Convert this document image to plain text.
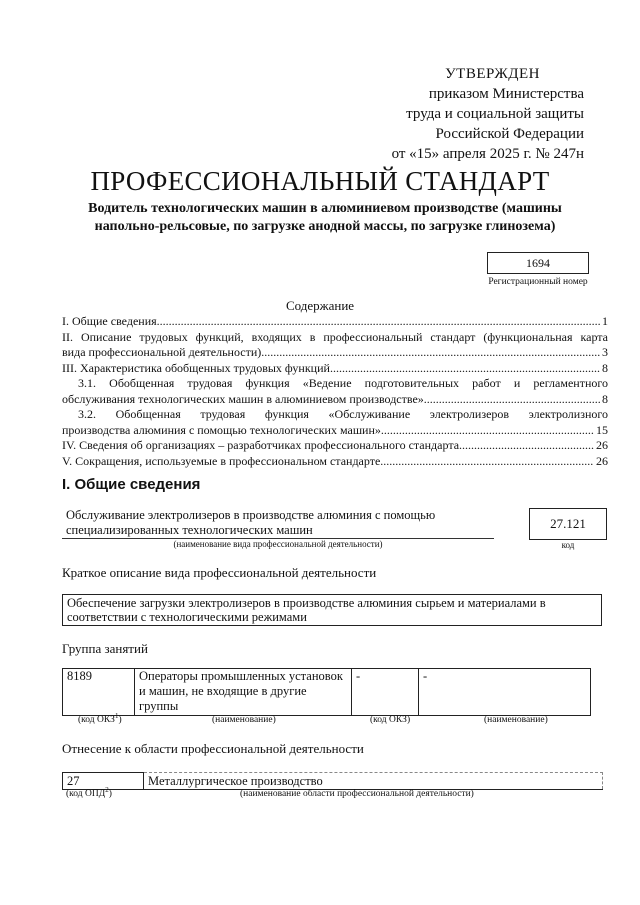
УТВЕРЖДЕН
приказом Министерства
труда и социальной защиты
Российской Федерации
от «15» апреля 2025 г. № 247н
ПРОФЕССИОНАЛЬНЫЙ СТАНДАРТ
Водитель технологических машин в алюминиевом производстве (машины напольно-рельсовые, по загрузке анодной массы, по загрузке глинозема)
1694
Регистрационный номер
Содержание
I. Общие сведения .....	1
II. Описание трудовых функций, входящих в профессиональный стандарт (функциональная карта
вида профессиональной деятельности) .....	3
III. Характеристика обобщенных трудовых функций .....	8
3.1. Обобщенная трудовая функция «Ведение подготовительных работ и регламентного
обслуживания технологических машин в алюминиевом производстве» .....	8
3.2. Обобщенная трудовая функция «Обслуживание электролизеров электролизного
производства алюминия с помощью технологических машин» .....	15
IV. Сведения об организациях – разработчиках профессионального стандарта .....	26
V. Сокращения, используемые в профессиональном стандарте .....	26
I. Общие сведения
Обслуживание электролизеров в производстве алюминия с помощью специализированных технологических машин
(наименование вида профессиональной деятельности)
27.121
код
Краткое описание вида профессиональной деятельности
Обеспечение загрузки электролизеров в производстве алюминия сырьем и материалами в соответствии с технологическими режимами
Группа занятий
8189	Операторы промышленных установок и машин, не входящие в другие группы	-	-
(код ОКЗ$^1$)	(наименование)	(код ОКЗ)	(наименование)
Отнесение к области профессиональной деятельности
27	Металлургическое производство
(код ОПД$^2$)	(наименование области профессиональной деятельности)
